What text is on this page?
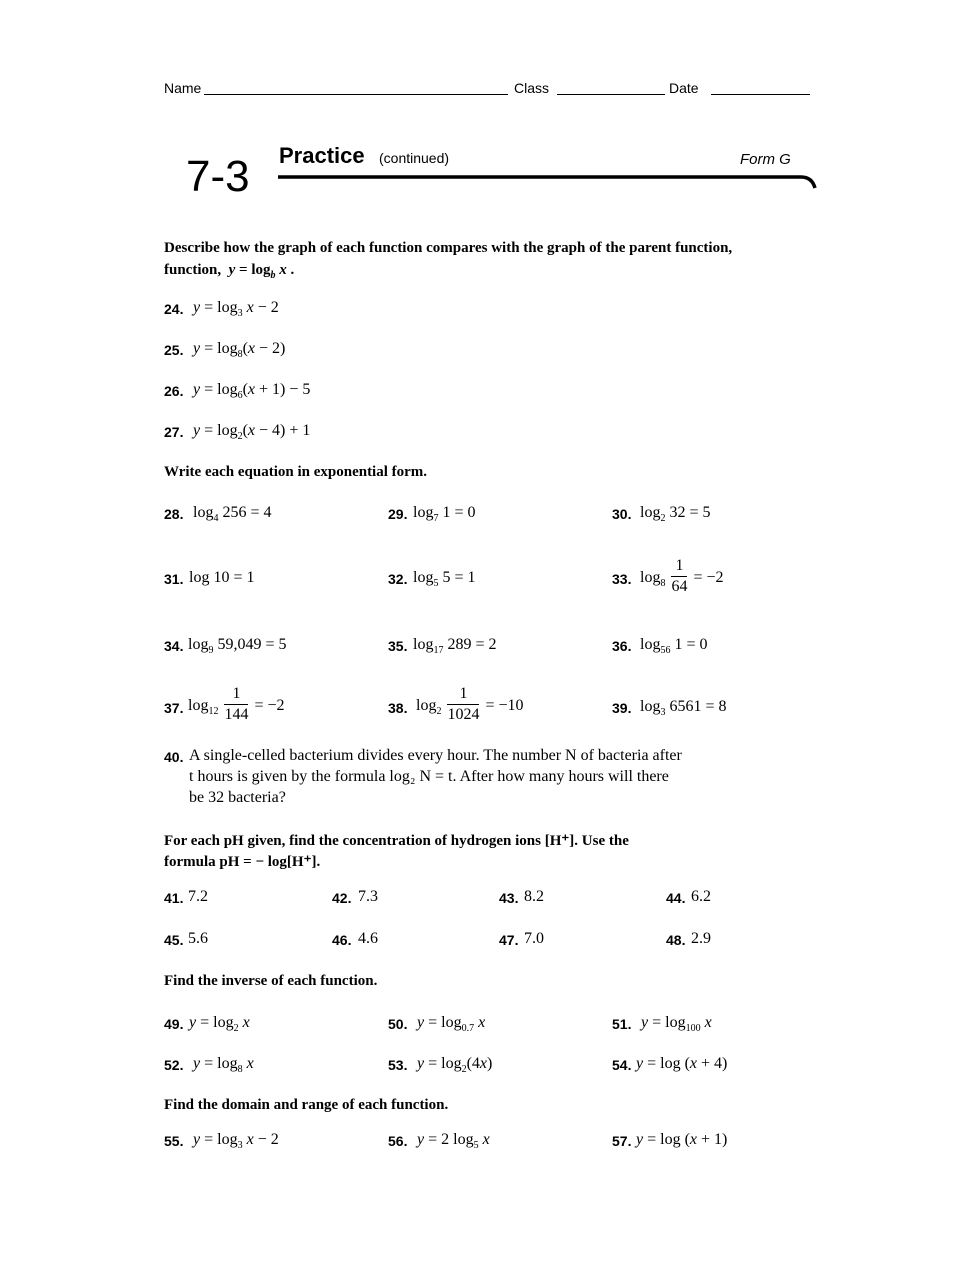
Name	Class	Date
7-3 Practice (continued)	Form G
Describe how the graph of each function compares with the graph of the parent function,
function,  $y = \log_b x$ .
24. $y = \log_3 x - 2$
25. $y = \log_8(x - 2)$
26. $y = \log_6(x + 1) - 5$
27. $y = \log_2(x - 4) + 1$
Write each equation in exponential form.
28. $\log_4 256 = 4$	29. $\log_7 1 = 0$	30. $\log_2 32 = 5$
31. log 10 = 1	32. $\log_5 5 = 1$	33. $\log_8 \frac{1}{64} = -2$
34. $\log_9 59,049 = 5$	35. $\log_{17} 289 = 2$	36. $\log_{56} 1 = 0$
37. $\log_{12} \frac{1}{144} = -2$	38. $\log_2 \frac{1}{1024} = -10$	39. $\log_3 6561 = 8$
40. A single-celled bacterium divides every hour. The number N of bacteria after
t hours is given by the formula log₂ N = t. After how many hours will there
be 32 bacteria?
For each pH given, find the concentration of hydrogen ions [H⁺]. Use the
formula pH = − log[H⁺].
41. 7.2	42. 7.3	43. 8.2	44. 6.2
45. 5.6	46. 4.6	47. 7.0	48. 2.9
Find the inverse of each function.
49. $y = \log_2 x$	50. $y = \log_{0.7} x$	51. $y = \log_{100} x$
52. $y = \log_8 x$	53. $y = \log_2(4x)$	54. y = log (x + 4)
Find the domain and range of each function.
55. $y = \log_3 x - 2$	56. y = 2 $\log_5 x$	57. y = log (x + 1)
